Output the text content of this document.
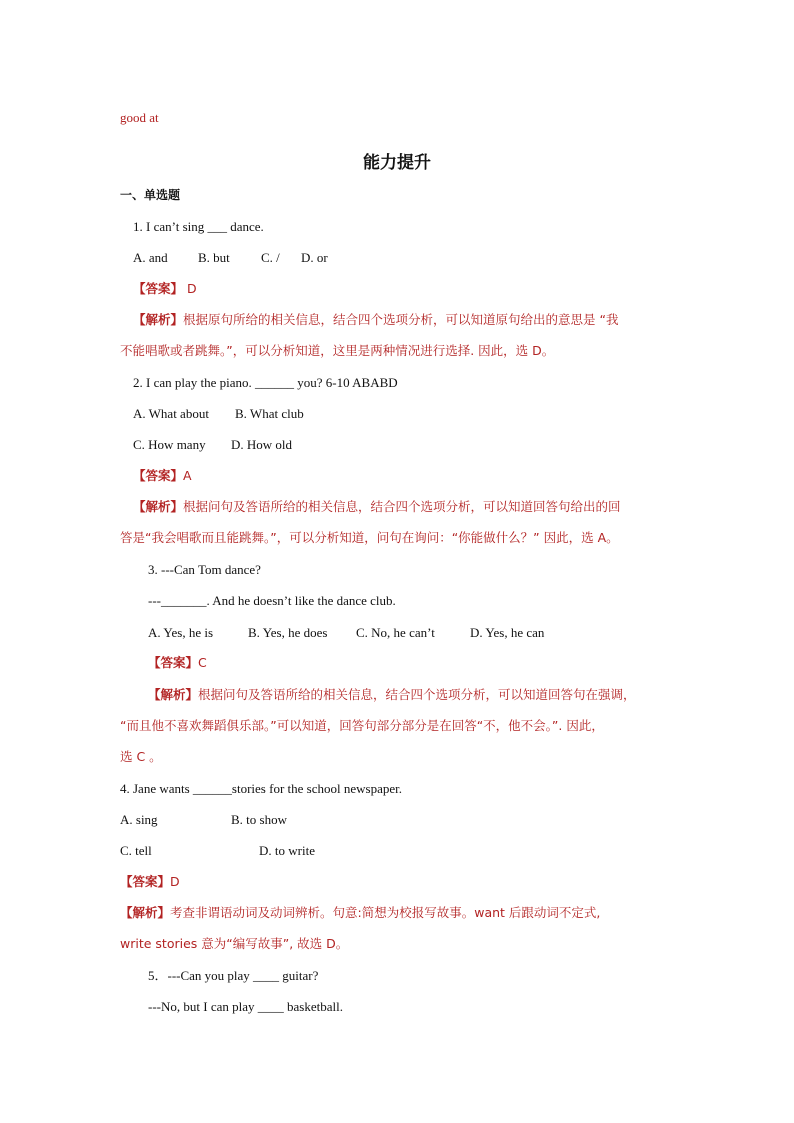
good at
能力提升
一、单选题
1. I can’t sing ___ dance.
A. and B. but C. / D. or
【答案】 D
【解析】根据原句所给的相关信息，结合四个选项分析，可以知道原句给出的意思是 “我
不能唱歌或者跳舞。”，可以分析知道，这里是两种情况进行选择. 因此，选 D。
2. I can play the piano. ______ you? 6-10 ABABD
A. What about B. What club
C. How many D. How old
【答案】A
【解析】根据问句及答语所给的相关信息，结合四个选项分析，可以知道回答句给出的回
答是“我会唱歌而且能跳舞。”，可以分析知道，问句在询问：“你能做什么？” 因此，选 A。
3. ---Can Tom dance?
---_______. And he doesn’t like the dance club.
A. Yes, he is	B. Yes, he does C. No, he can’t	D. Yes, he can
【答案】C
【解析】根据问句及答语所给的相关信息，结合四个选项分析，可以知道回答句在强调，
“而且他不喜欢舞蹈俱乐部。”可以知道，回答句部分部分是在回答“不，他不会。”. 因此，
选 C 。
4. Jane wants ______stories for the school newspaper.
A. sing	B. to show
C. tell	D. to write
【答案】D
【解析】考查非谓语动词及动词辨析。句意:简想为校报写故事。want 后跟动词不定式,
write stories 意为“编写故事”, 故选 D。
5．---Can you play ____ guitar?
---No, but I can play ____ basketball.
